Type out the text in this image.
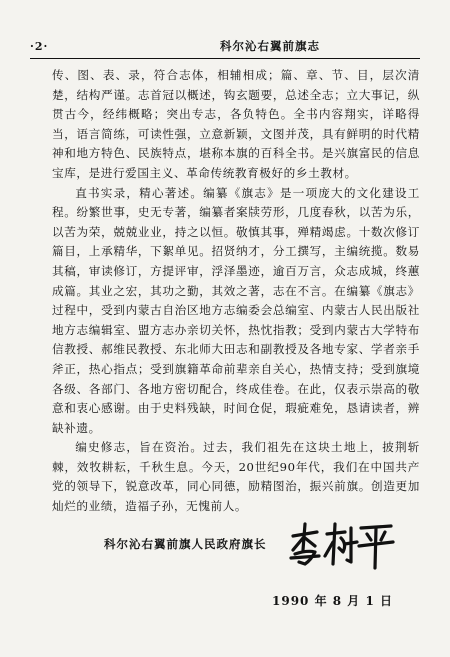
·2·	科尔沁右翼前旗志

传、图、表、录，符合志体，相辅相成；篇、章、节、目，层次清楚，结构严谨。志首冠以概述，钩玄题要，总述全志；立大事记，纵贯古今，经纬概略；突出专志，各负特色。全书内容翔实，详略得当，语言简练，可读性强，立意新颖，文图并茂，具有鲜明的时代精神和地方特色、民族特点，堪称本旗的百科全书。是兴旗富民的信息宝库，是进行爱国主义、革命传统教育极好的乡土教材。

直书实录，精心著述。编纂《旗志》是一项庞大的文化建设工程。纷繁世事，史无专著，编纂者案牍劳形，几度春秋，以苦为乐，以苦为荣，兢兢业业，持之以恒。敬慎其事，殚精竭虑。十数次修订篇目，上承精华，下絮单见。招贤纳才，分工撰写，主编统揽。数易其稿，审读修订，方提评审，浮泽墨迹，逾百万言，众志成城，终蕙成篇。其业之宏，其功之勤，其效之著，志在不言。在编纂《旗志》过程中，受到内蒙古自治区地方志编委会总编室、内蒙古人民出版社地方志编辑室、盟方志办亲切关怀，热忱指教；受到内蒙古大学特布信教授、郝维民教授、东北师大田志和副教授及各地专家、学者亲手斧正，热心指点；受到旗籍革命前辈亲自关心，热情支持；受到旗境各级、各部门、各地方密切配合，终成佳卷。在此，仅表示崇高的敬意和衷心感谢。由于史料残缺，时间仓促，瑕疵难免，恳请读者，辨缺补遗。

编史修志，旨在资治。过去，我们祖先在这块土地上，披荆斩棘，效牧耕耘，千秋生息。今天，20世纪90年代，我们在中国共产党的领导下，锐意改革，同心同德，励精图治，振兴前旗。创造更加灿烂的业绩，造福子孙，无愧前人。

科尔沁右翼前旗人民政府旗长
1990 年 8 月 1 日
